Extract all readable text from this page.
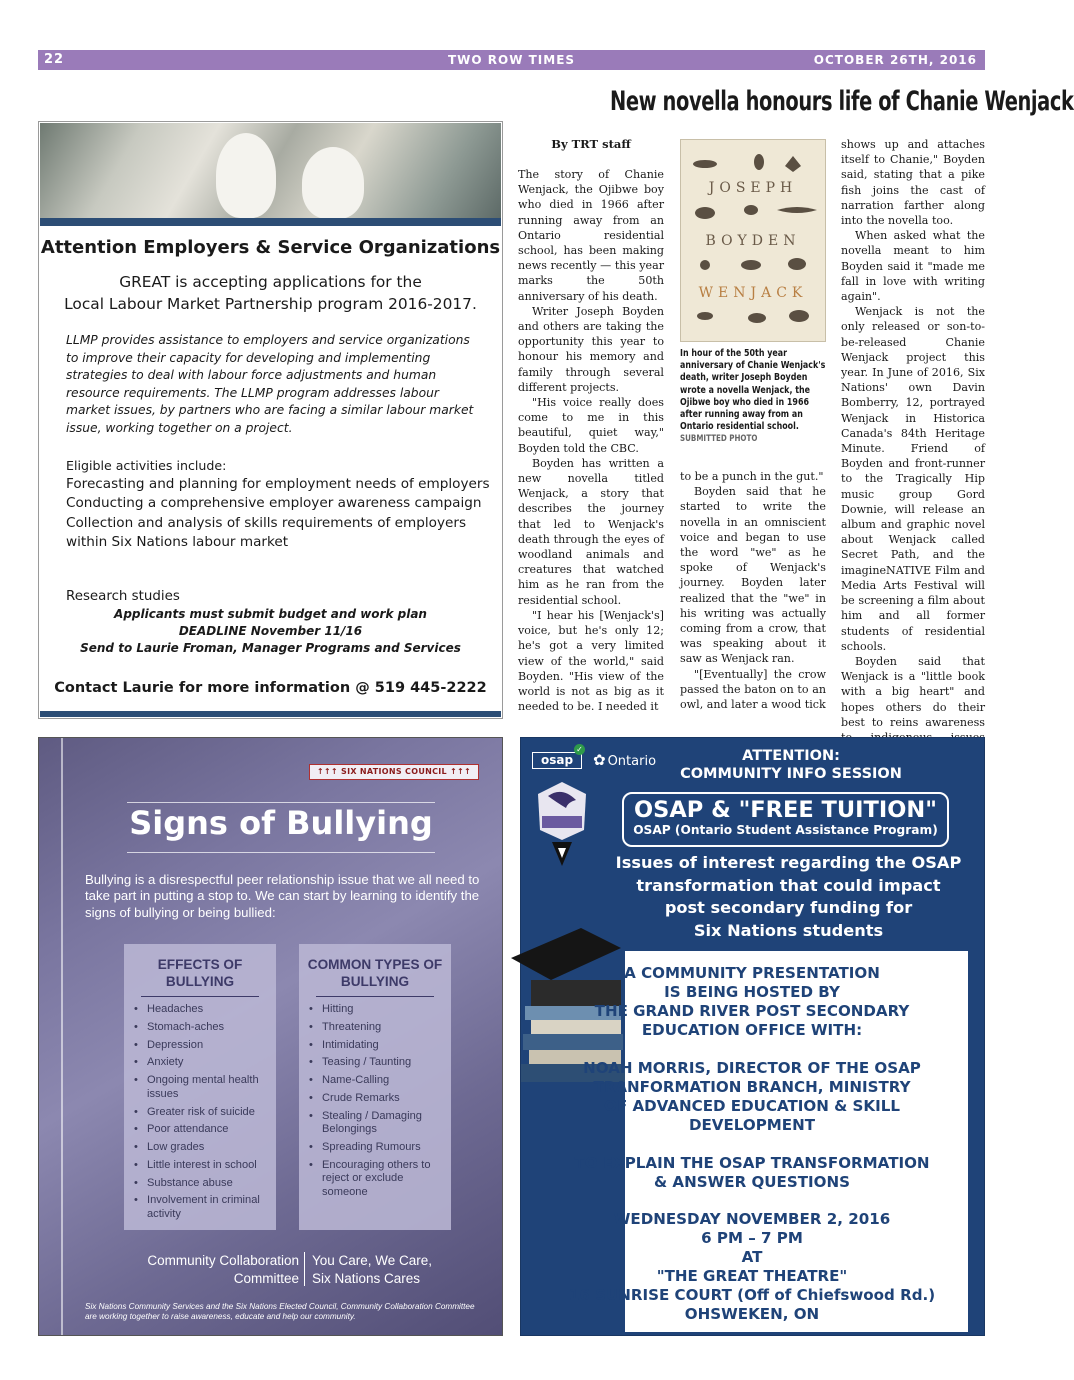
22	TWO ROW TIMES	OCTOBER 26TH, 2016
New novella honours life of Chanie Wenjack
By TRT staff

The story of Chanie Wenjack, the Ojibwe boy who died in 1966 after running away from an Ontario residential school, has been making news recently — this year marks the 50th anniversary of his death.

Writer Joseph Boyden and others are taking the opportunity this year to honour his memory and family through several different projects.

"His voice really does come to me in this beautiful, quiet way," Boyden told the CBC.

Boyden has written a new novella titled Wenjack, a story that describes the journey that led to Wenjack's death through the eyes of woodland animals and creatures that watched him as he ran from the residential school.

"I hear his [Wenjack's] voice, but he's only 12; he's got a very limited view of the world," said Boyden. "His view of the world is not as big as it needed to be. I needed it

JOSEPH
BOYDEN
WENJACK
In hour of the 50th year anniversary of Chanie Wenjack's death, writer Joseph Boyden wrote a novella Wenjack, the Ojibwe boy who died in 1966 after running away from an Ontario residential school. SUBMITTED PHOTO

to be a punch in the gut."

Boyden said that he started to write the novella in an omniscient voice and began to use the word "we" as he spoke of Wenjack's journey. Boyden later realized that the "we" in his writing was actually coming from a crow, that was speaking about it saw as Wenjack ran.

"[Eventually] the crow passed the baton on to an owl, and later a wood tick

shows up and attaches itself to Chanie," Boyden said, stating that a pike fish joins the cast of narration farther along into the novella too.

When asked what the novella meant to him Boyden said it "made me fall in love with writing again".

Wenjack is not the only released or son-to-be-released Chanie Wenjack project this year. In June of 2016, Six Nations' own Davin Bomberry, 12, portrayed Wenjack in Historica Canada's 84th Heritage Minute. Friend of Boyden and front-runner to the Tragically Hip music group Gord Downie, will release an album and graphic novel about Wenjack called Secret Path, and the imagineNATIVE Film and Media Arts Festival will be screening a film about him and all former students of residential schools.

Boyden said that Wenjack is a "little book with a big heart" and hopes others do their best to reins awareness

Attention Employers & Service Organizations
GREAT is accepting applications for the
Local Labour Market Partnership program 2016-2017.
LLMP provides assistance to employers and service organizations to improve their capacity for developing and implementing strategies to deal with labour force adjustments and human resource requirements. The LLMP program addresses labour market issues, by partners who are facing a similar labour market issue, working together on a project.
Eligible activities include:
Forecasting and planning for employment needs of employers
Conducting a comprehensive employer awareness campaign
Collection and analysis of skills requirements of employers within Six Nations labour market
Research studies
Applicants must submit budget and work plan
DEADLINE November 11/16
Send to Laurie Froman, Manager Programs and Services
Contact Laurie for more information @ 519 445-2222
↑↑↑ SIX NATIONS COUNCIL ↑↑↑
Signs of Bullying
Bullying is a disrespectful peer relationship issue that we all need to take part in putting a stop to. We can start by learning to identify the signs of bullying or being bullied:
EFFECTS OF BULLYING
• Headaches
• Stomach-aches
• Depression
• Anxiety
• Ongoing mental health issues
• Greater risk of suicide
• Poor attendance
• Low grades
• Little interest in school
• Substance abuse
• Involvement in criminal activity
COMMON TYPES OF BULLYING
• Hitting
• Threatening
• Intimidating
• Teasing / Taunting
• Name-Calling
• Crude Remarks
• Stealing / Damaging Belongings
• Spreading Rumours
• Encouraging others to reject or exclude someone
Community Collaboration
Committee
You Care, We Care,
Six Nations Cares
Six Nations Community Services and the Six Nations Elected Council, Community Collaboration Committee are working together to raise awareness, educate and help our community.
osap
✓
✿ Ontario	ATTENTION:
COMMUNITY INFO SESSION
OSAP & "FREE TUITION"
OSAP (Ontario Student Assistance Program)
Issues of interest regarding the OSAP
transformation that could impact
post secondary funding for
Six Nations students
A COMMUNITY PRESENTATION
IS BEING HOSTED BY
THE GRAND RIVER POST SECONDARY
EDUCATION OFFICE WITH:
NOAH MORRIS, DIRECTOR OF THE OSAP
TRANFORMATION BRANCH, MINISTRY
OF ADVANCED EDUCATION & SKILL
DEVELOPMENT
TO EXPLAIN THE OSAP TRANSFORMATION
& ANSWER QUESTIONS
WEDNESDAY NOVEMBER 2, 2016
6 PM – 7 PM
AT
"THE GREAT THEATRE"
16 SUNRISE COURT (Off of Chiefswood Rd.)
OHSWEKEN, ON
